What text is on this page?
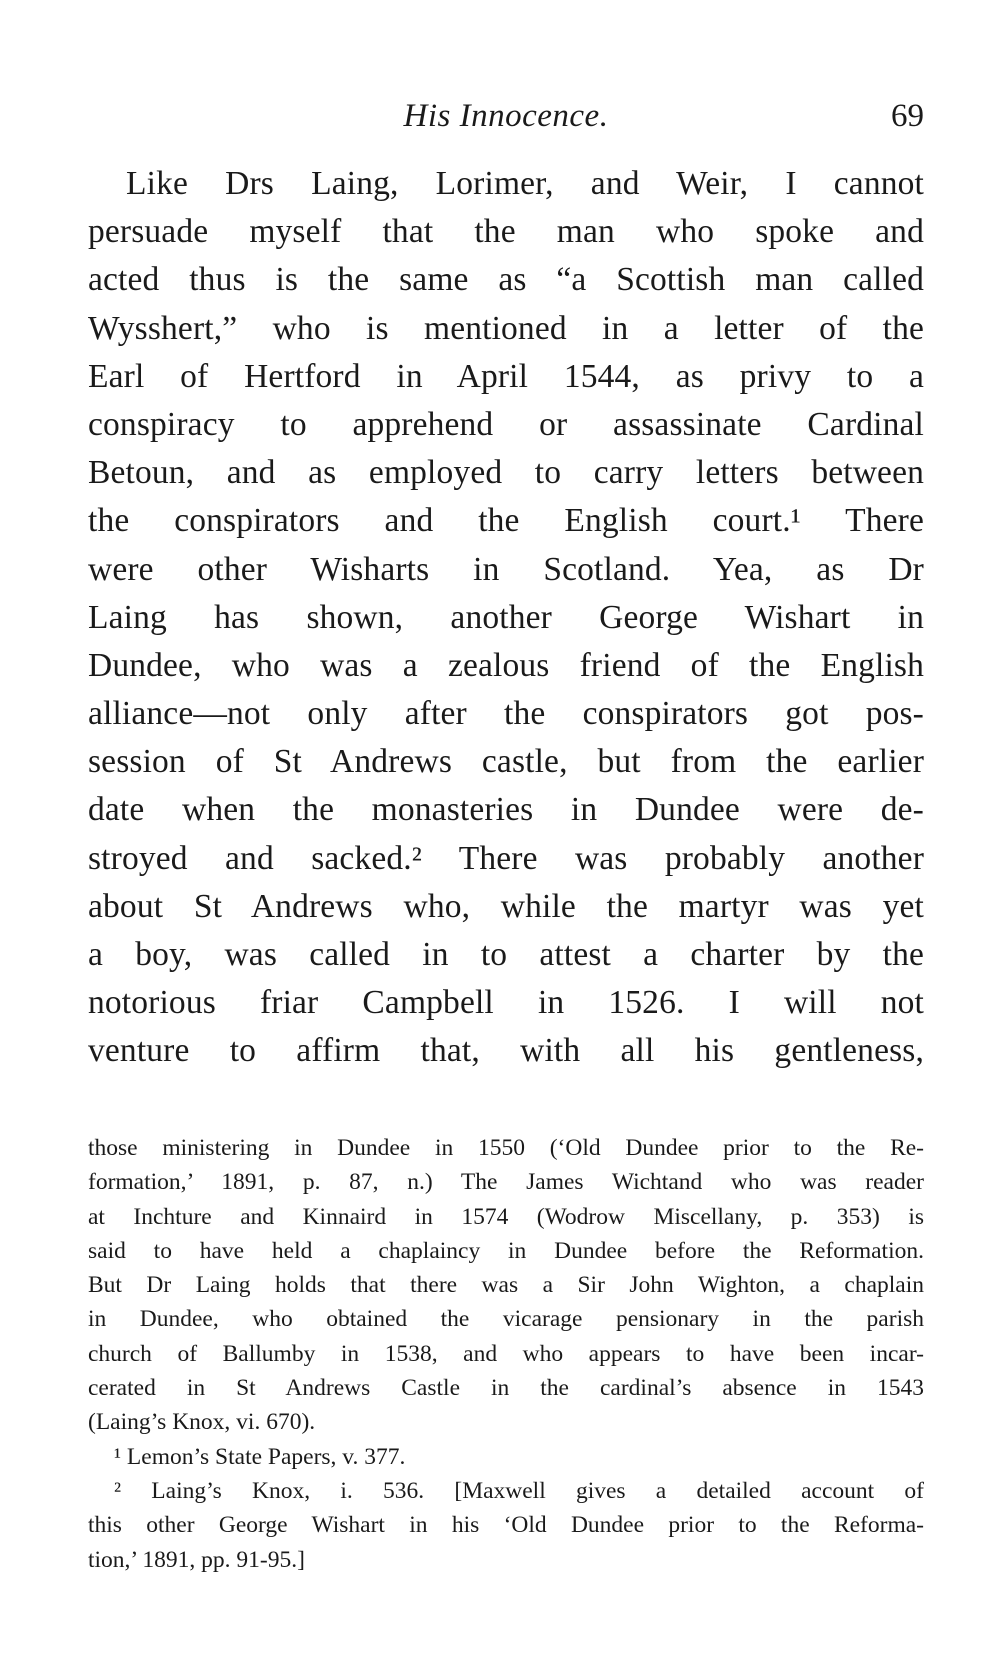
His Innocence.	69
Like Drs Laing, Lorimer, and Weir, I cannot
persuade myself that the man who spoke and
acted thus is the same as “a Scottish man called
Wysshert,” who is mentioned in a letter of the
Earl of Hertford in April 1544, as privy to a
conspiracy to apprehend or assassinate Cardinal
Betoun, and as employed to carry letters between
the conspirators and the English court.¹ There
were other Wisharts in Scotland. Yea, as Dr
Laing has shown, another George Wishart in
Dundee, who was a zealous friend of the English
alliance—not only after the conspirators got pos-
session of St Andrews castle, but from the earlier
date when the monasteries in Dundee were de-
stroyed and sacked.² There was probably another
about St Andrews who, while the martyr was yet
a boy, was called in to attest a charter by the
notorious friar Campbell in 1526. I will not
venture to affirm that, with all his gentleness,
those ministering in Dundee in 1550 (‘Old Dundee prior to the Re-
formation,’ 1891, p. 87, n.) The James Wichtand who was reader
at Inchture and Kinnaird in 1574 (Wodrow Miscellany, p. 353) is
said to have held a chaplaincy in Dundee before the Reformation.
But Dr Laing holds that there was a Sir John Wighton, a chaplain
in Dundee, who obtained the vicarage pensionary in the parish
church of Ballumby in 1538, and who appears to have been incar-
cerated in St Andrews Castle in the cardinal’s absence in 1543
(Laing’s Knox, vi. 670).
¹ Lemon’s State Papers, v. 377.
² Laing’s Knox, i. 536. [Maxwell gives a detailed account of
this other George Wishart in his ‘Old Dundee prior to the Reforma-
tion,’ 1891, pp. 91-95.]
